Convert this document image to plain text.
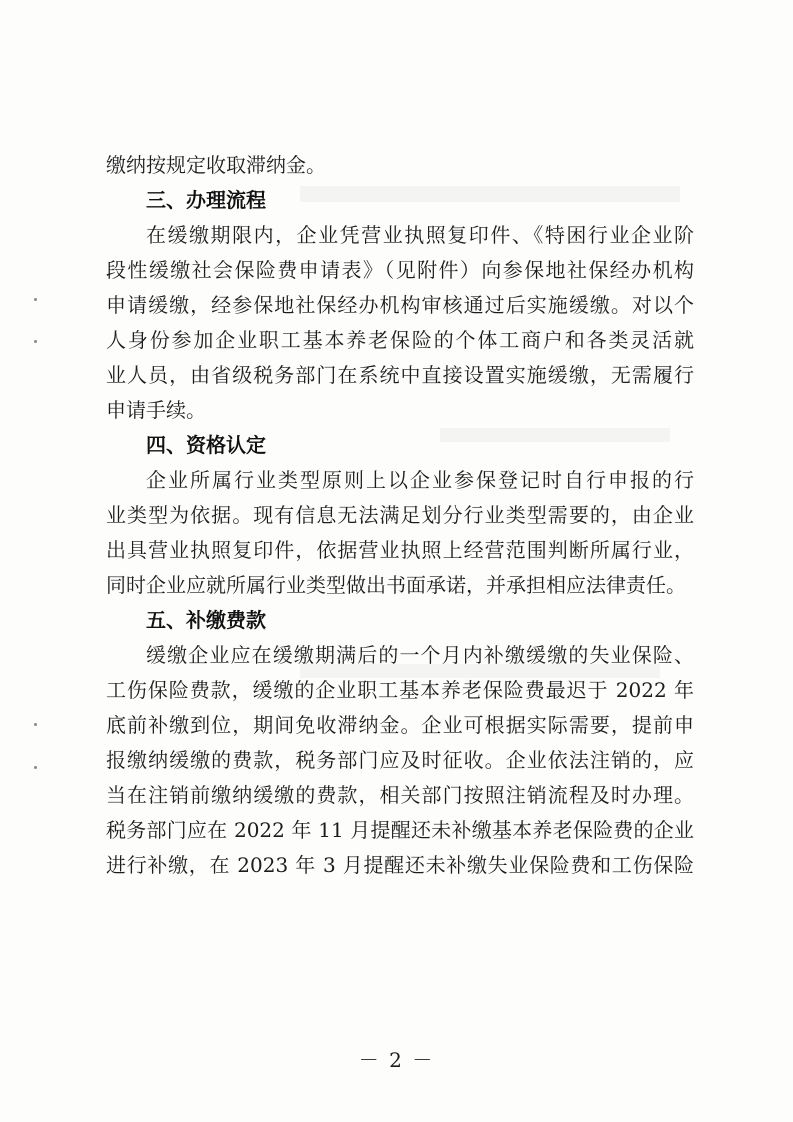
缴纳按规定收取滞纳金。
三、办理流程
在缓缴期限内，企业凭营业执照复印件、《特困行业企业阶
段性缓缴社会保险费申请表》（见附件）向参保地社保经办机构
申请缓缴，经参保地社保经办机构审核通过后实施缓缴。对以个
人身份参加企业职工基本养老保险的个体工商户和各类灵活就
业人员，由省级税务部门在系统中直接设置实施缓缴，无需履行
申请手续。
四、资格认定
企业所属行业类型原则上以企业参保登记时自行申报的行
业类型为依据。现有信息无法满足划分行业类型需要的，由企业
出具营业执照复印件，依据营业执照上经营范围判断所属行业，
同时企业应就所属行业类型做出书面承诺，并承担相应法律责任。
五、补缴费款
缓缴企业应在缓缴期满后的一个月内补缴缓缴的失业保险、
工伤保险费款，缓缴的企业职工基本养老保险费最迟于 2022 年
底前补缴到位，期间免收滞纳金。企业可根据实际需要，提前申
报缴纳缓缴的费款，税务部门应及时征收。企业依法注销的，应
当在注销前缴纳缓缴的费款，相关部门按照注销流程及时办理。
税务部门应在 2022 年 11 月提醒还未补缴基本养老保险费的企业
进行补缴，在 2023 年 3 月提醒还未补缴失业保险费和工伤保险
－ 2 －
